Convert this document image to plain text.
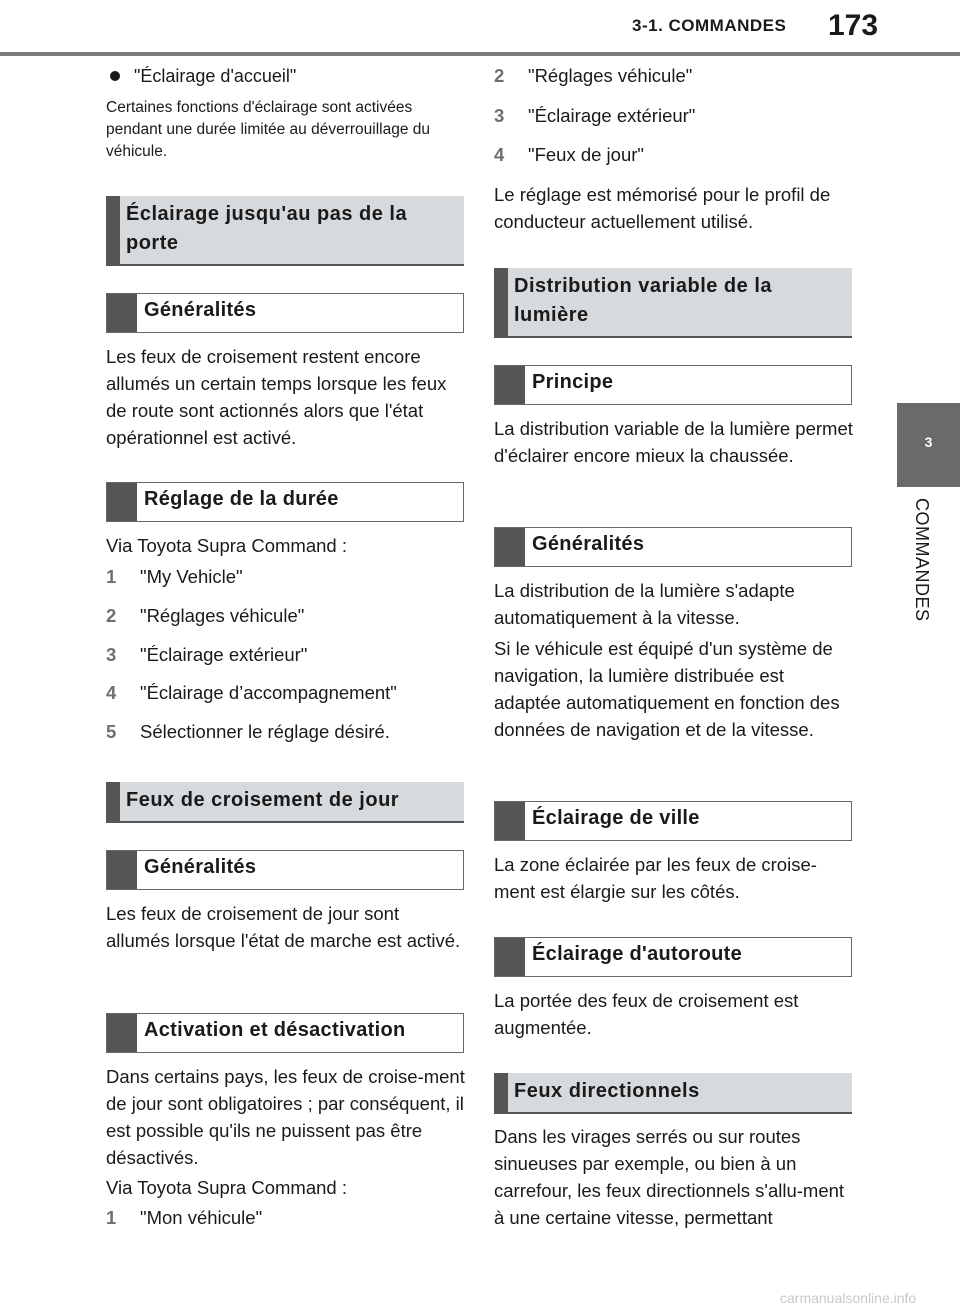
3-1. COMMANDES 173
3
COMMANDES
"Éclairage d'accueil"
Certaines fonctions d'éclairage sont activées pendant une durée limitée au déverrouillage du véhicule.
Éclairage jusqu'au pas de la porte
Généralités
Les feux de croisement restent encore allumés un certain temps lorsque les feux de route sont actionnés alors que l'état opérationnel est activé.
Réglage de la durée
Via Toyota Supra Command :
1 "My Vehicle"
2 "Réglages véhicule"
3 "Éclairage extérieur"
4 "Éclairage d’accompagnement"
5 Sélectionner le réglage désiré.
Feux de croisement de jour
Généralités
Les feux de croisement de jour sont allumés lorsque l'état de marche est activé.
Activation et désactivation
Dans certains pays, les feux de croise-ment de jour sont obligatoires ; par conséquent, il est possible qu'ils ne puissent pas être désactivés.
Via Toyota Supra Command :
1 "Mon véhicule"
2 "Réglages véhicule"
3 "Éclairage extérieur"
4 "Feux de jour"
Le réglage est mémorisé pour le profil de conducteur actuellement utilisé.
Distribution variable de la lumière
Principe
La distribution variable de la lumière permet d'éclairer encore mieux la chaussée.
Généralités
La distribution de la lumière s'adapte automatiquement à la vitesse.
Si le véhicule est équipé d'un système de navigation, la lumière distribuée est adaptée automatiquement en fonction des données de navigation et de la vitesse.
Éclairage de ville
La zone éclairée par les feux de croise-ment est élargie sur les côtés.
Éclairage d'autoroute
La portée des feux de croisement est augmentée.
Feux directionnels
Dans les virages serrés ou sur routes sinueuses par exemple, ou bien à un carrefour, les feux directionnels s'allu-ment à une certaine vitesse, permettant
carmanualsonline.info
